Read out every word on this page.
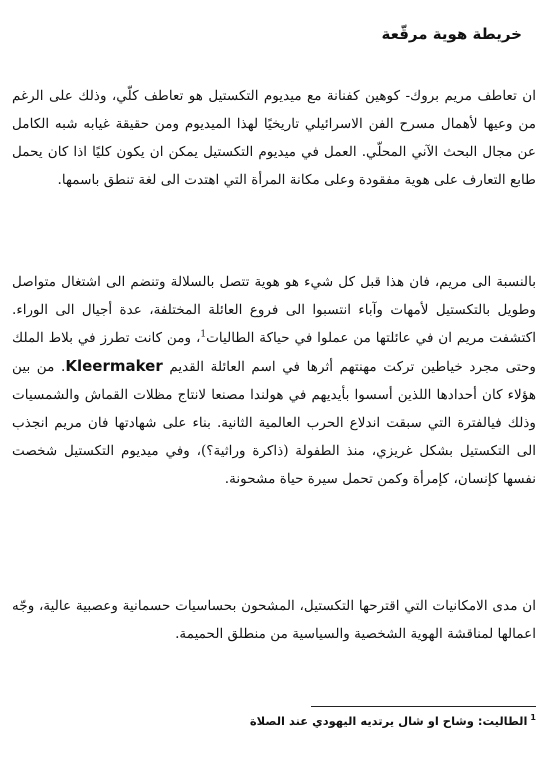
خريطة هوية مرقّعة

ان تعاطف مريم بروك- كوهين كفنانة مع ميديوم التكستيل هو تعاطف كلّي، وذلك على الرغم من وعيها لأهمال مسرح الفن الاسرائيلي تاريخيًا لهذا الميديوم ومن حقيقة غيابه شبه الكامل عن مجال البحث الآني المحلّي. العمل في ميديوم التكستيل يمكن ان يكون كليًا اذا كان يحمل طابع التعارف على هوية مفقودة وعلى مكانة المرأة التي اهتدت الى لغة تنطق باسمها.

بالنسبة الى مريم، فان هذا قبل كل شيء هو هوية تتصل بالسلالة وتنضم الى اشتغال متواصل وطويل بالتكستيل لأمهات وآباء انتسبوا الى فروع العائلة المختلفة، عدة أجيال الى الوراء. اكتشفت مريم ان في عائلتها من عملوا في حياكة الطاليات$^1$، ومن كانت تطرز في بلاط الملك وحتى مجرد خياطين تركت مهنتهم أثرها في اسم العائلة القديم Kleermaker. من بين هؤلاء كان أحدادها اللذين أسسوا بأيديهم في هولندا مصنعا لانتاج مظلات القماش والشمسيات وذلك فيالفترة التي سبقت اندلاع الحرب العالمية الثانية. بناء على شهادتها فان مريم انجذب الى التكستيل بشكل غريزي، منذ الطفولة (ذاكرة وراثية؟)، وفي ميديوم التكستيل شخصت نفسها كإنسان، كإمرأة وكمن تحمل سيرة حياة مشحونة.

ان مدى الامكانيات التي اقترحها التكستيل، المشحون بحساسيات حسمانية وعصبية عالية، وجّه اعمالها لمناقشة الهوية الشخصية والسياسية من منطلق الحميمة.

$^1$الطاليت: وشاح او شال يرتديه اليهودي عند الصلاة
